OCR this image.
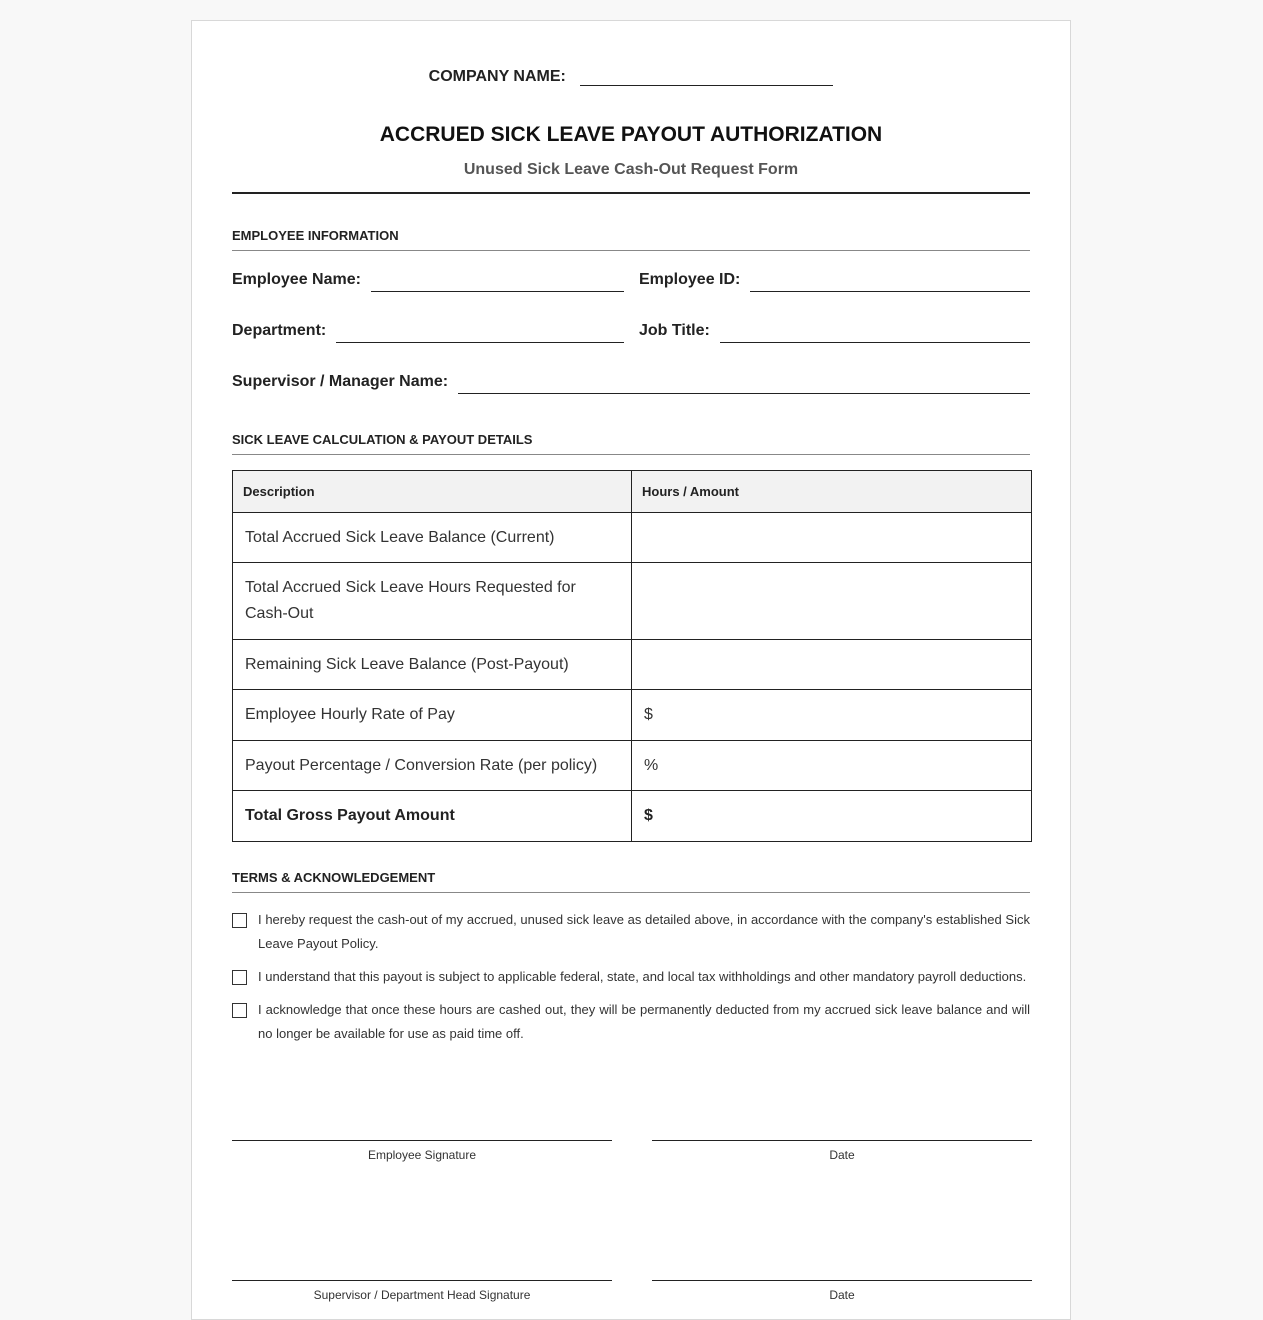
COMPANY NAME:
ACCRUED SICK LEAVE PAYOUT AUTHORIZATION
Unused Sick Leave Cash-Out Request Form
EMPLOYEE INFORMATION
Employee Name:	Employee ID:
Department:	Job Title:
Supervisor / Manager Name:
SICK LEAVE CALCULATION & PAYOUT DETAILS
Description	Hours / Amount
Total Accrued Sick Leave Balance (Current)	
Total Accrued Sick Leave Hours Requested for Cash-Out	
Remaining Sick Leave Balance (Post-Payout)	
Employee Hourly Rate of Pay	$
Payout Percentage / Conversion Rate (per policy)	%
Total Gross Payout Amount	$
TERMS & ACKNOWLEDGEMENT
I hereby request the cash-out of my accrued, unused sick leave as detailed above, in accordance with the company's established Sick Leave Payout Policy.
I understand that this payout is subject to applicable federal, state, and local tax withholdings and other mandatory payroll deductions.
I acknowledge that once these hours are cashed out, they will be permanently deducted from my accrued sick leave balance and will no longer be available for use as paid time off.
Employee Signature	Date
Supervisor / Department Head Signature	Date
